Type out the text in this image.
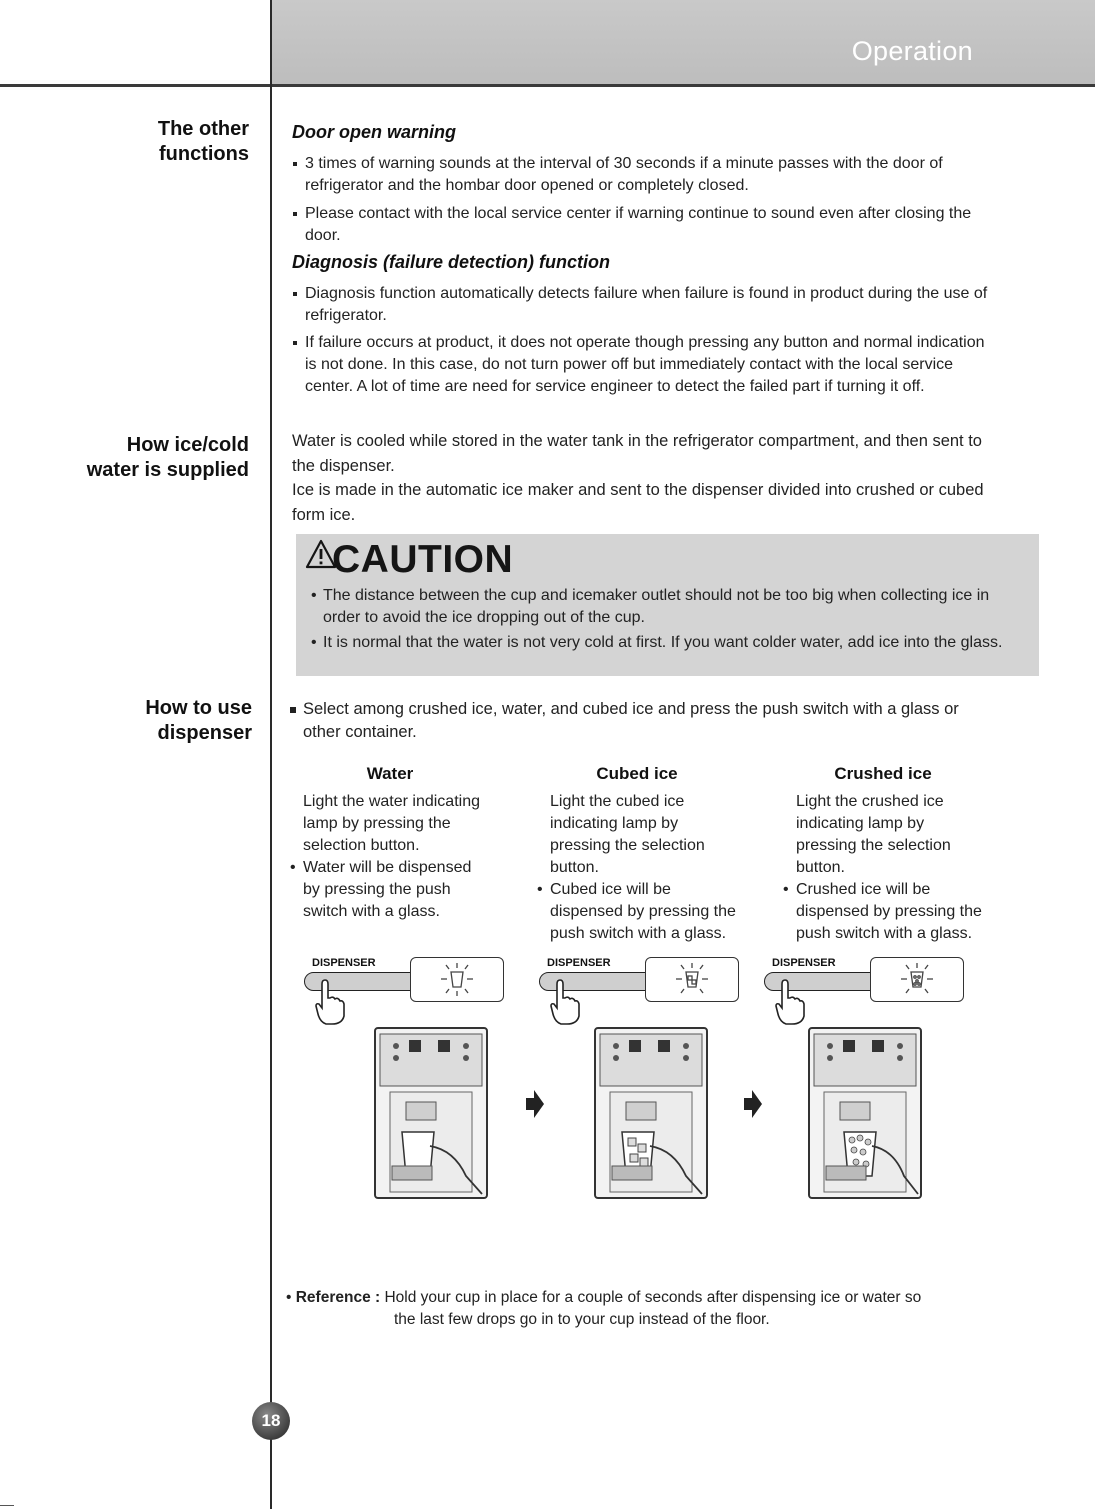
Operation
The other
functions
Door open warning
3 times of warning sounds at the interval of 30 seconds if a minute passes with the door of refrigerator and the hombar door opened or completely closed.
Please contact with the local service center if warning continue to sound even after closing the door.
Diagnosis (failure detection) function
Diagnosis function automatically detects failure when failure is found in product during the use of refrigerator.
If failure occurs at product, it does not operate though pressing any button and normal indication is not done. In this case, do not turn power off but immediately contact with the local service center. A lot of time are need for service engineer to detect the failed part if turning it off.
How ice/cold
water is supplied
Water is cooled while stored in the water tank in the refrigerator compartment, and then sent to the dispenser.
Ice is made in the automatic ice maker and sent to the dispenser divided into crushed or cubed form ice.
CAUTION
• The distance between the cup and icemaker outlet should not be too big when collecting ice in order to avoid the ice dropping out of the cup.
• It is normal that the water is not very cold at first. If you want colder water, add ice into the glass.
How to use
dispenser
Select among crushed ice, water, and cubed ice and press the push switch with a glass or other container.
Water
Light the water indicating lamp by pressing the selection button.
• Water will be dispensed by pressing the push switch with a glass.
Cubed ice
Light the cubed ice indicating lamp by pressing the selection button.
• Cubed ice will be dispensed by pressing the push switch with a glass.
Crushed ice
Light the crushed ice indicating lamp by pressing the selection button.
• Crushed ice will be dispensed by pressing the push switch with a glass.
DISPENSER	DISPENSER	DISPENSER
• Reference : Hold your cup in place for a couple of seconds after dispensing ice or water so
the last few drops go in to your cup instead of the floor.
18
